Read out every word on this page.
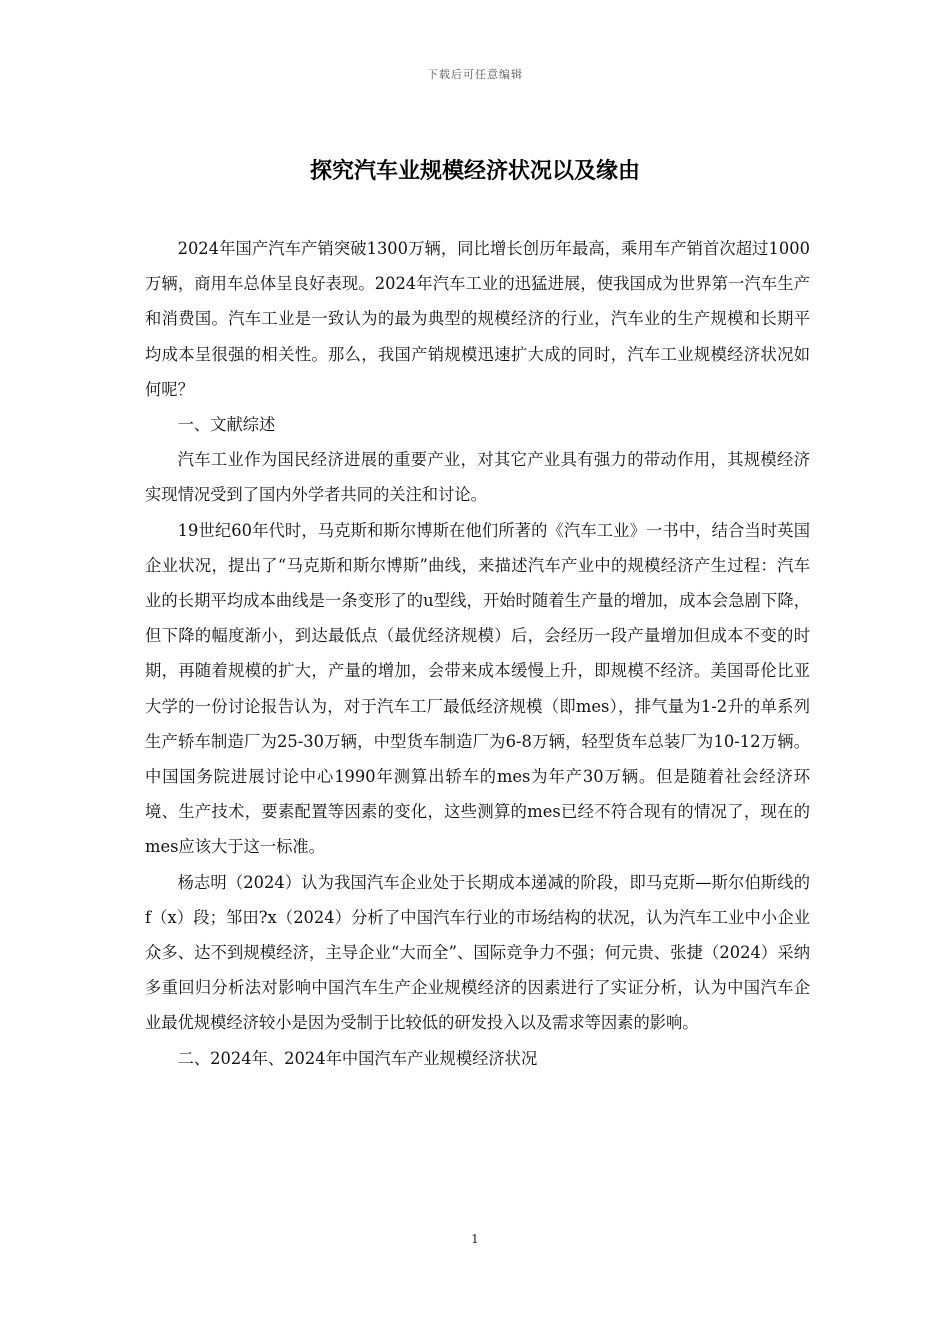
下载后可任意编辑
探究汽车业规模经济状况以及缘由

2024年国产汽车产销突破1300万辆，同比增长创历年最高，乘用车产销首次超过1000万辆，商用车总体呈良好表现。2024年汽车工业的迅猛进展，使我国成为世界第一汽车生产和消费国。汽车工业是一致认为的最为典型的规模经济的行业，汽车业的生产规模和长期平均成本呈很强的相关性。那么，我国产销规模迅速扩大成的同时，汽车工业规模经济状况如何呢？

一、文献综述

汽车工业作为国民经济进展的重要产业，对其它产业具有强力的带动作用，其规模经济实现情况受到了国内外学者共同的关注和讨论。

19世纪60年代时，马克斯和斯尔博斯在他们所著的《汽车工业》一书中，结合当时英国企业状况，提出了“马克斯和斯尔博斯”曲线，来描述汽车产业中的规模经济产生过程：汽车业的长期平均成本曲线是一条变形了的u型线，开始时随着生产量的增加，成本会急剧下降，但下降的幅度渐小，到达最低点（最优经济规模）后，会经历一段产量增加但成本不变的时期，再随着规模的扩大，产量的增加，会带来成本缓慢上升，即规模不经济。美国哥伦比亚大学的一份讨论报告认为，对于汽车工厂最低经济规模（即mes），排气量为1-2升的单系列生产轿车制造厂为25-30万辆，中型货车制造厂为6-8万辆，轻型货车总装厂为10-12万辆。中国国务院进展讨论中心1990年测算出轿车的mes为年产30万辆。但是随着社会经济环境、生产技术，要素配置等因素的变化，这些测算的mes已经不符合现有的情况了，现在的mes应该大于这一标准。

杨志明（2024）认为我国汽车企业处于长期成本递减的阶段，即马克斯—斯尔伯斯线的f（x）段；邹田?x（2024）分析了中国汽车行业的市场结构的状况，认为汽车工业中小企业众多、达不到规模经济，主导企业“大而全”、国际竞争力不强；何元贵、张捷（2024）采纳多重回归分析法对影响中国汽车生产企业规模经济的因素进行了实证分析，认为中国汽车企业最优规模经济较小是因为受制于比较低的研发投入以及需求等因素的影响。

二、2024年、2024年中国汽车产业规模经济状况

1
